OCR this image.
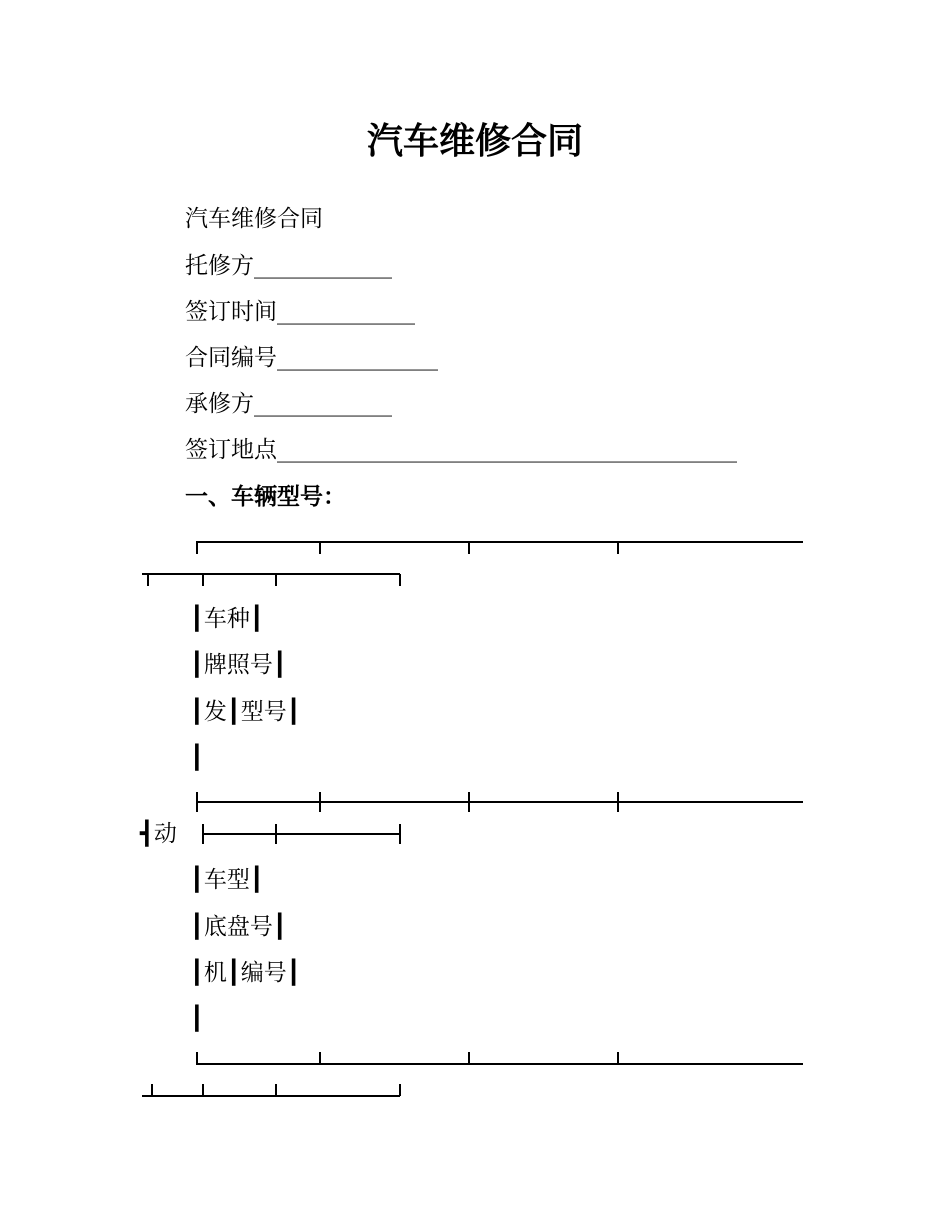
汽车维修合同

汽车维修合同

托修方____________

签订时间____________

合同编号______________

承修方____________

签订地点________________________________________

一、车辆型号：

┃车种┃

┃牌照号┃

┃发┃型号┃

┃

┫动

┃车型┃

┃底盘号┃

┃机┃编号┃

┃
